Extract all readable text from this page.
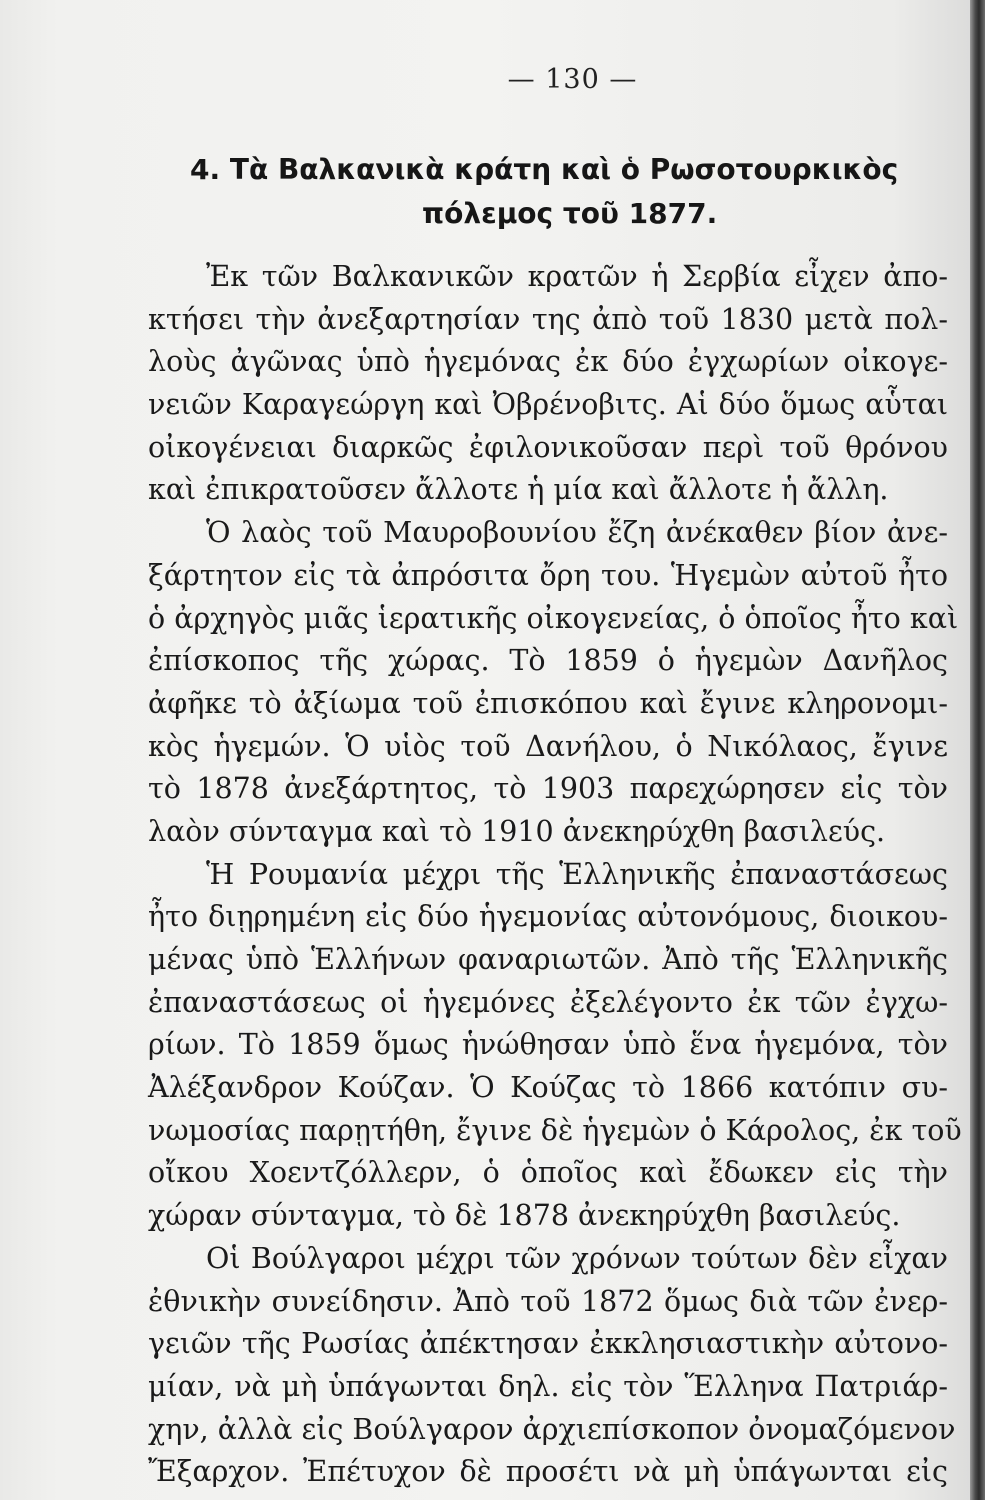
— 130 —
4. Τὰ Βαλκανικὰ κράτη καὶ ὁ Ρωσοτουρκικὸς
πόλεμος τοῦ 1877.
Ἐκ τῶν Βαλκανικῶν κρατῶν ἡ Σερβία εἶχεν ἀπο-
κτήσει τὴν ἀνεξαρτησίαν της ἀπὸ τοῦ 1830 μετὰ πολ-
λοὺς ἀγῶνας ὑπὸ ἡγεμόνας ἐκ δύο ἐγχωρίων οἰκογε-
νειῶν Καραγεώργη καὶ Ὀβρένοβιτς. Αἱ δύο ὅμως αὗται
οἰκογένειαι διαρκῶς ἐφιλονικοῦσαν περὶ τοῦ θρόνου
καὶ ἐπικρατοῦσεν ἄλλοτε ἡ μία καὶ ἄλλοτε ἡ ἄλλη.
Ὁ λαὸς τοῦ Μαυροβουνίου ἔζη ἀνέκαθεν βίον ἀνε-
ξάρτητον εἰς τὰ ἀπρόσιτα ὄρη του. Ἡγεμὼν αὐτοῦ ἦτο
ὁ ἀρχηγὸς μιᾶς ἱερατικῆς οἰκογενείας, ὁ ὁποῖος ἦτο καὶ
ἐπίσκοπος τῆς χώρας. Τὸ 1859 ὁ ἡγεμὼν Δανῆλος
ἀφῆκε τὸ ἀξίωμα τοῦ ἐπισκόπου καὶ ἔγινε κληρονομι-
κὸς ἡγεμών. Ὁ υἱὸς τοῦ Δανήλου, ὁ Νικόλαος, ἔγινε
τὸ 1878 ἀνεξάρτητος, τὸ 1903 παρεχώρησεν εἰς τὸν
λαὸν σύνταγμα καὶ τὸ 1910 ἀνεκηρύχθη βασιλεύς.
Ἡ Ρουμανία μέχρι τῆς Ἑλληνικῆς ἐπαναστάσεως
ἦτο διῃρημένη εἰς δύο ἡγεμονίας αὐτονόμους, διοικου-
μένας ὑπὸ Ἑλλήνων φαναριωτῶν. Ἀπὸ τῆς Ἑλληνικῆς
ἐπαναστάσεως οἱ ἡγεμόνες ἐξελέγοντο ἐκ τῶν ἐγχω-
ρίων. Τὸ 1859 ὅμως ἡνώθησαν ὑπὸ ἕνα ἡγεμόνα, τὸν
Ἀλέξανδρον Κούζαν. Ὁ Κούζας τὸ 1866 κατόπιν συ-
νωμοσίας παρῃτήθη, ἔγινε δὲ ἡγεμὼν ὁ Κάρολος, ἐκ τοῦ
οἴκου Χοεντζόλλερν, ὁ ὁποῖος καὶ ἔδωκεν εἰς τὴν
χώραν σύνταγμα, τὸ δὲ 1878 ἀνεκηρύχθη βασιλεύς.
Οἱ Βούλγαροι μέχρι τῶν χρόνων τούτων δὲν εἶχαν
ἐθνικὴν συνείδησιν. Ἀπὸ τοῦ 1872 ὅμως διὰ τῶν ἐνερ-
γειῶν τῆς Ρωσίας ἀπέκτησαν ἐκκλησιαστικὴν αὐτονο-
μίαν, νὰ μὴ ὑπάγωνται δηλ. εἰς τὸν Ἕλληνα Πατριάρ-
χην, ἀλλὰ εἰς Βούλγαρον ἀρχιεπίσκοπον ὀνομαζόμενον
Ἔξαρχον. Ἐπέτυχον δὲ προσέτι νὰ μὴ ὑπάγωνται εἰς
